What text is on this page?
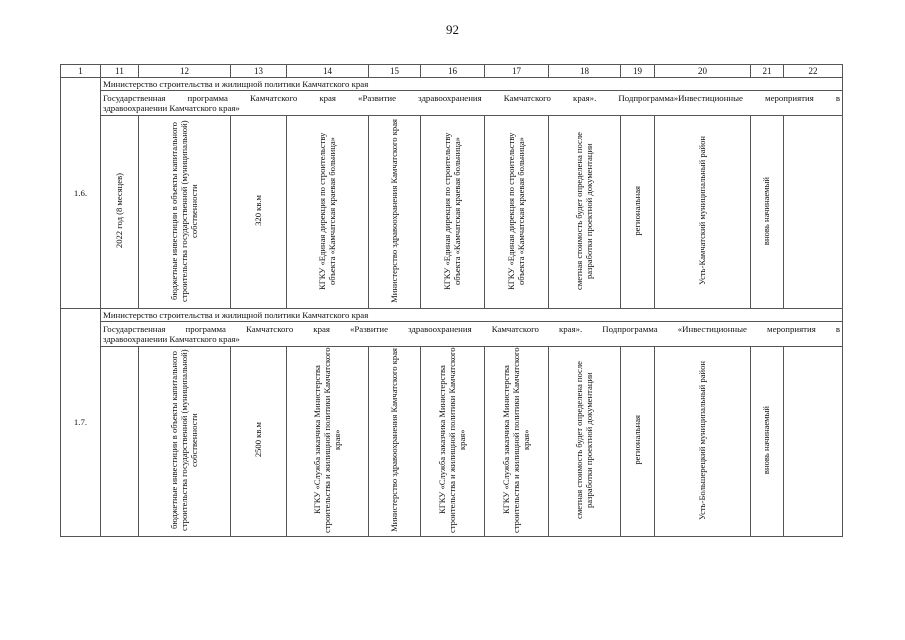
92
1	11	12	13	14	15	16	17	18	19	20	21	22
1.6.	Министерство строительства и жилищной политики Камчатского края											
	Государственная программа Камчатского края «Развитие здравоохранения Камчатского края». Подпрограмма»Инвестиционные мероприятия в
здравоохранении Камчатского края»											

	2022 год (8 месяцев)	бюджетные инвестиции в объекты капитального строительства государственной (муниципальной) собственности	320 кв.м	КГКУ «Единая дирекция по строительству объекта «Камчатская краевая больница»	Министерство здравоохранения Камчатского края	КГКУ «Единая дирекция по строительству объекта «Камчатская краевая больница»	КГКУ «Единая дирекция по строительству объекта «Камчатская краевая больница»	сметная стоимость будет определена после разработки проектной документации	региональная	Усть-Камчатский муниципальный район	вновь начинаемый	
1.7.	Министерство строительства и жилищной политики Камчатского края											
	Государственная программа Камчатского края «Развитие здравоохранения Камчатского края». Подпрограмма «Инвестиционные мероприятия в
здравоохранении Камчатского края»											

		бюджетные инвестиции в объекты капитального строительства государственной (муниципальной) собственности	2500 кв.м	КГКУ «Служба заказчика Министерства строительства и жилищной политики Камчатского края»	Министерство здравоохранения Камчатского края	КГКУ «Служба заказчика Министерства строительства и жилищной политики Камчатского края»	КГКУ «Служба заказчика Министерства строительства и жилищной политики Камчатского края»	сметная стоимость будет определена после разработки проектной документации	региональная	Усть-Большерецкий муниципальный район	вновь начинаемый	
